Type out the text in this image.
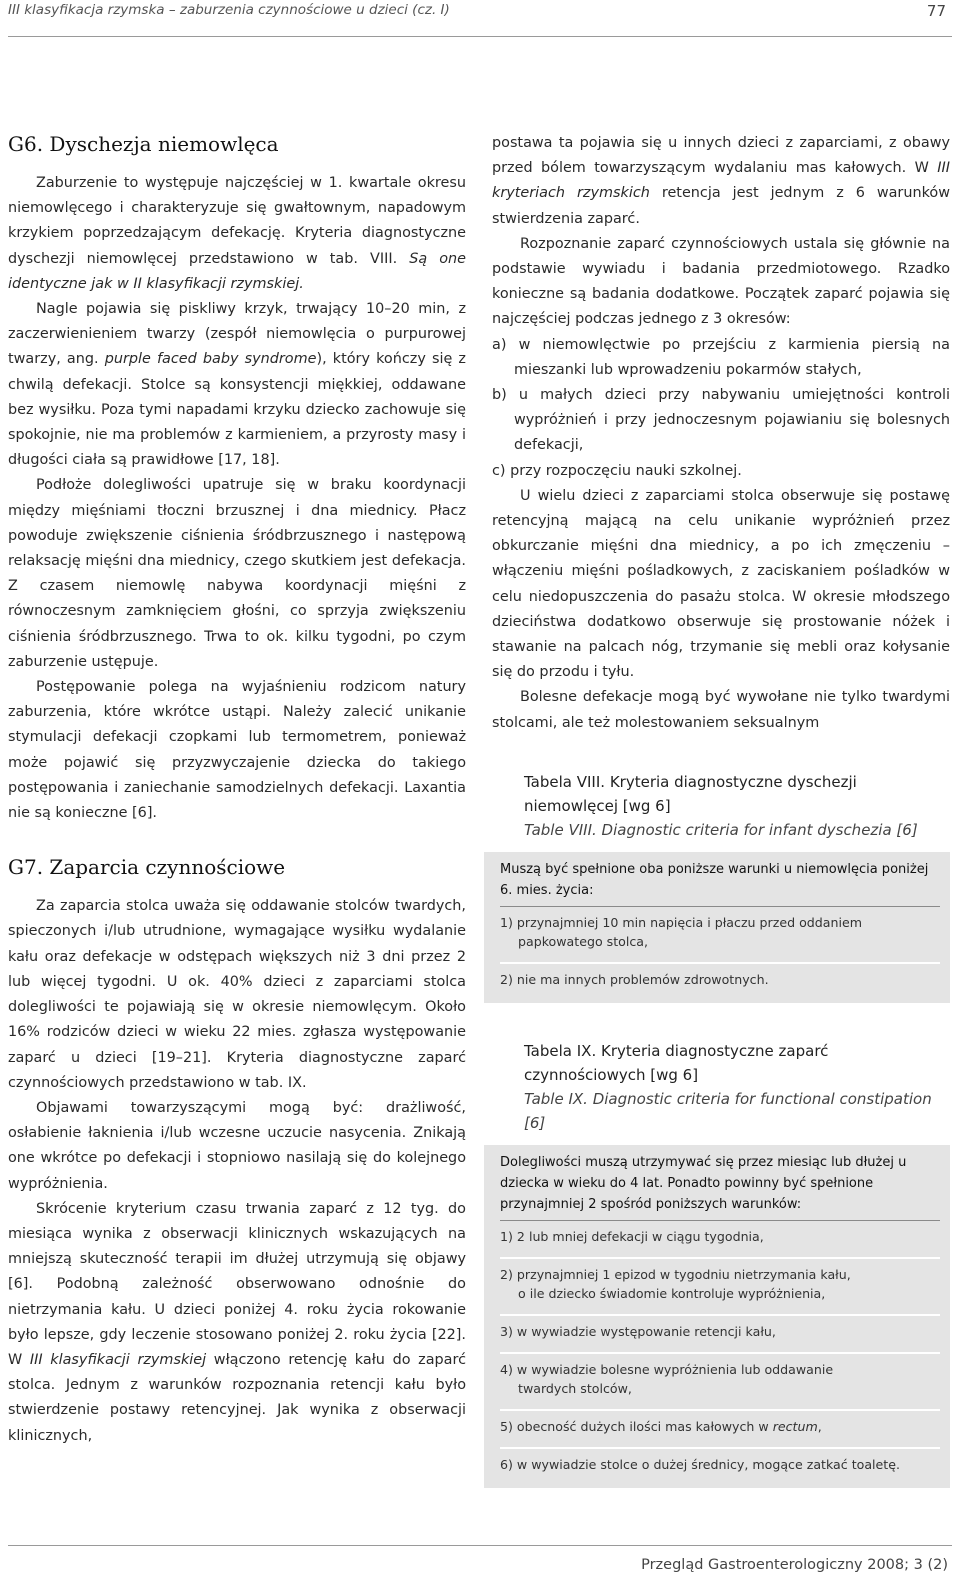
III klasyfikacja rzymska – zaburzenia czynnościowe u dzieci (cz. I)	77
G6. Dyschezja niemowlęca

Zaburzenie to występuje najczęściej w 1. kwartale okresu niemowlęcego i charakteryzuje się gwałtownym, napadowym krzykiem poprzedzającym defekację. Kryteria diagnostyczne dyschezji niemowlęcej przedstawiono w tab. VIII. Są one identyczne jak w II klasyfikacji rzymskiej.

Nagle pojawia się piskliwy krzyk, trwający 10–20 min, z zaczerwienieniem twarzy (zespół niemowlęcia o purpurowej twarzy, ang. purple faced baby syndrome), który kończy się z chwilą defekacji. Stolce są konsystencji miękkiej, oddawane bez wysiłku. Poza tymi napadami krzyku dziecko zachowuje się spokojnie, nie ma problemów z karmieniem, a przyrosty masy i długości ciała są prawidłowe [17, 18].

Podłoże dolegliwości upatruje się w braku koordynacji między mięśniami tłoczni brzusznej i dna miednicy. Płacz powoduje zwiększenie ciśnienia śródbrzusznego i następową relaksację mięśni dna miednicy, czego skutkiem jest defekacja. Z czasem niemowlę nabywa koordynacji mięśni z równoczesnym zamknięciem głośni, co sprzyja zwiększeniu ciśnienia śródbrzusznego. Trwa to ok. kilku tygodni, po czym zaburzenie ustępuje.

Postępowanie polega na wyjaśnieniu rodzicom natury zaburzenia, które wkrótce ustąpi. Należy zalecić unikanie stymulacji defekacji czopkami lub termometrem, ponieważ może pojawić się przyzwyczajenie dziecka do takiego postępowania i zaniechanie samodzielnych defekacji. Laxantia nie są konieczne [6].

G7. Zaparcia czynnościowe

Za zaparcia stolca uważa się oddawanie stolców twardych, spieczonych i/lub utrudnione, wymagające wysiłku wydalanie kału oraz defekacje w odstępach większych niż 3 dni przez 2 lub więcej tygodni. U ok. 40% dzieci z zaparciami stolca dolegliwości te pojawiają się w okresie niemowlęcym. Około 16% rodziców dzieci w wieku 22 mies. zgłasza występowanie zaparć u dzieci [19–21]. Kryteria diagnostyczne zaparć czynnościowych przedstawiono w tab. IX.

Objawami towarzyszącymi mogą być: drażliwość, osłabienie łaknienia i/lub wczesne uczucie nasycenia. Znikają one wkrótce po defekacji i stopniowo nasilają się do kolejnego wypróżnienia.

Skrócenie kryterium czasu trwania zaparć z 12 tyg. do miesiąca wynika z obserwacji klinicznych wskazujących na mniejszą skuteczność terapii im dłużej utrzymują się objawy [6]. Podobną zależność obserwowano odnośnie do nietrzymania kału. U dzieci poniżej 4. roku życia rokowanie było lepsze, gdy leczenie stosowano poniżej 2. roku życia [22]. W III klasyfikacji rzymskiej włączono retencję kału do zaparć stolca. Jednym z warunków rozpoznania retencji kału było stwierdzenie postawy retencyjnej. Jak wynika z obserwacji klinicznych,

postawa ta pojawia się u innych dzieci z zaparciami, z obawy przed bólem towarzyszącym wydalaniu mas kałowych. W III kryteriach rzymskich retencja jest jednym z 6 warunków stwierdzenia zaparć.

Rozpoznanie zaparć czynnościowych ustala się głównie na podstawie wywiadu i badania przedmiotowego. Rzadko konieczne są badania dodatkowe. Początek zaparć pojawia się najczęściej podczas jednego z 3 okresów:

a) w niemowlęctwie po przejściu z karmienia piersią na mieszanki lub wprowadzeniu pokarmów stałych,
b) u małych dzieci przy nabywaniu umiejętności kontroli wypróżnień i przy jednoczesnym pojawianiu się bolesnych defekacji,
c) przy rozpoczęciu nauki szkolnej.

U wielu dzieci z zaparciami stolca obserwuje się postawę retencyjną mającą na celu unikanie wypróżnień przez obkurczanie mięśni dna miednicy, a po ich zmęczeniu – włączeniu mięśni pośladkowych, z zaciskaniem pośladków w celu niedopuszczenia do pasażu stolca. W okresie młodszego dzieciństwa dodatkowo obserwuje się prostowanie nóżek i stawanie na palcach nóg, trzymanie się mebli oraz kołysanie się do przodu i tyłu.

Bolesne defekacje mogą być wywołane nie tylko twardymi stolcami, ale też molestowaniem seksualnym

Tabela VIII. Kryteria diagnostyczne dyschezji niemowlęcej [wg 6]
Table VIII. Diagnostic criteria for infant dyschezia [6]
Muszą być spełnione oba poniższe warunki u niemowlęcia poniżej 6. mies. życia:
1) przynajmniej 10 min napięcia i płaczu przed oddaniem
papkowatego stolca,
2) nie ma innych problemów zdrowotnych.
Tabela IX. Kryteria diagnostyczne zaparć czynnościowych [wg 6]
Table IX. Diagnostic criteria for functional constipation [6]
Dolegliwości muszą utrzymywać się przez miesiąc lub dłużej u dziecka w wieku do 4 lat. Ponadto powinny być spełnione przynajmniej 2 spośród poniższych warunków:
1) 2 lub mniej defekacji w ciągu tygodnia,
2) przynajmniej 1 epizod w tygodniu nietrzymania kału,
o ile dziecko świadomie kontroluje wypróżnienia,
3) w wywiadzie występowanie retencji kału,
4) w wywiadzie bolesne wypróżnienia lub oddawanie
twardych stolców,
5) obecność dużych ilości mas kałowych w rectum,
6) w wywiadzie stolce o dużej średnicy, mogące zatkać toaletę.
Przegląd Gastroenterologiczny 2008; 3 (2)
